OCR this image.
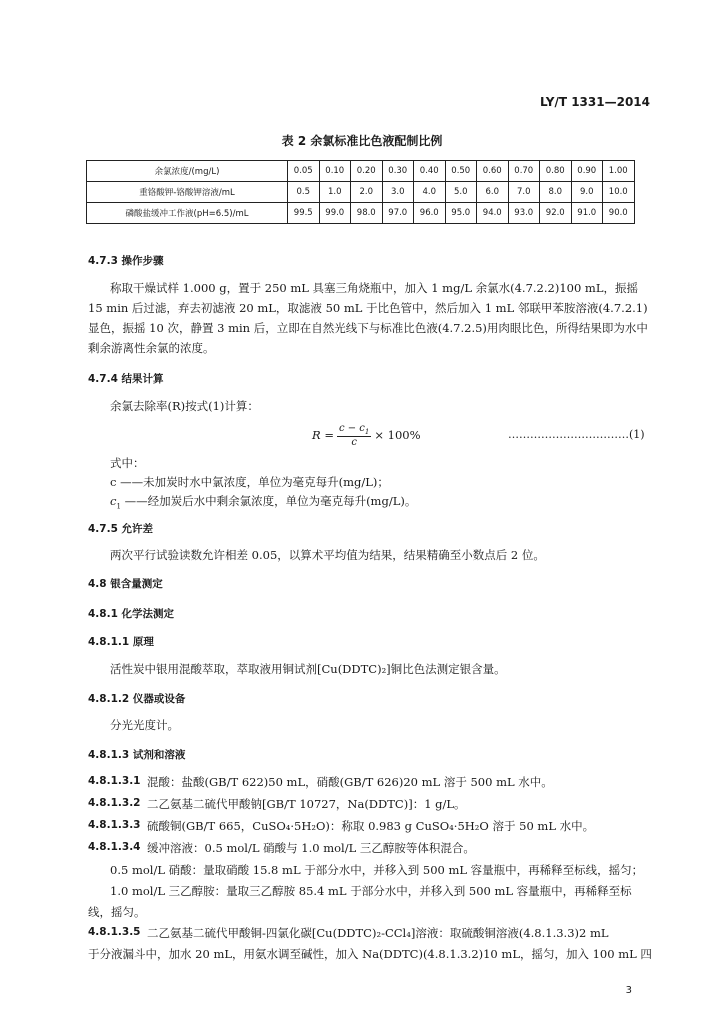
LY/T 1331—2014
表 2 余氯标准比色液配制比例
余氯浓度/(mg/L)	0.05	0.10	0.20	0.30	0.40	0.50	0.60	0.70	0.80	0.90	1.00
重铬酸钾-铬酸钾溶液/mL	0.5	1.0	2.0	3.0	4.0	5.0	6.0	7.0	8.0	9.0	10.0
磷酸盐缓冲工作液(pH=6.5)/mL	99.5	99.0	98.0	97.0	96.0	95.0	94.0	93.0	92.0	91.0	90.0
4.7.3 操作步骤
称取干燥试样 1.000 g，置于 250 mL 具塞三角烧瓶中，加入 1 mg/L 余氯水(4.7.2.2)100 mL，振摇 15 min 后过滤，弃去初滤液 20 mL，取滤液 50 mL 于比色管中，然后加入 1 mL 邻联甲苯胺溶液(4.7.2.1)显色，振摇 10 次，静置 3 min 后，立即在自然光线下与标准比色液(4.7.2.5)用肉眼比色，所得结果即为水中剩余游离性余氯的浓度。
4.7.4 结果计算
余氯去除率(R)按式(1)计算：
$R = \frac{c - c_1}{c} \times 100\%$	……………………………(1)
式中：
c ——未加炭时水中氯浓度，单位为毫克每升(mg/L)；
$c_1$ ——经加炭后水中剩余氯浓度，单位为毫克每升(mg/L)。
4.7.5 允许差
两次平行试验读数允许相差 0.05，以算术平均值为结果，结果精确至小数点后 2 位。
4.8 银含量测定
4.8.1 化学法测定
4.8.1.1 原理
活性炭中银用混酸萃取，萃取液用铜试剂[Cu(DDTC)₂]铜比色法测定银含量。
4.8.1.2 仪器或设备
分光光度计。
4.8.1.3 试剂和溶液
4.8.1.3.1 混酸：盐酸(GB/T 622)50 mL，硝酸(GB/T 626)20 mL 溶于 500 mL 水中。
4.8.1.3.2 二乙氨基二硫代甲酸钠[GB/T 10727，Na(DDTC)]：1 g/L。
4.8.1.3.3 硫酸铜(GB/T 665，CuSO₄·5H₂O)：称取 0.983 g CuSO₄·5H₂O 溶于 50 mL 水中。
4.8.1.3.4 缓冲溶液：0.5 mol/L 硝酸与 1.0 mol/L 三乙醇胺等体积混合。
0.5 mol/L 硝酸：量取硝酸 15.8 mL 于部分水中，并移入到 500 mL 容量瓶中，再稀释至标线，摇匀；
1.0 mol/L 三乙醇胺：量取三乙醇胺 85.4 mL 于部分水中，并移入到 500 mL 容量瓶中，再稀释至标
线，摇匀。
4.8.1.3.5 二乙氨基二硫代甲酸铜-四氯化碳[Cu(DDTC)₂-CCl₄]溶液：取硫酸铜溶液(4.8.1.3.3)2 mL
于分液漏斗中，加水 20 mL，用氨水调至碱性，加入 Na(DDTC)(4.8.1.3.2)10 mL，摇匀，加入 100 mL 四
3
